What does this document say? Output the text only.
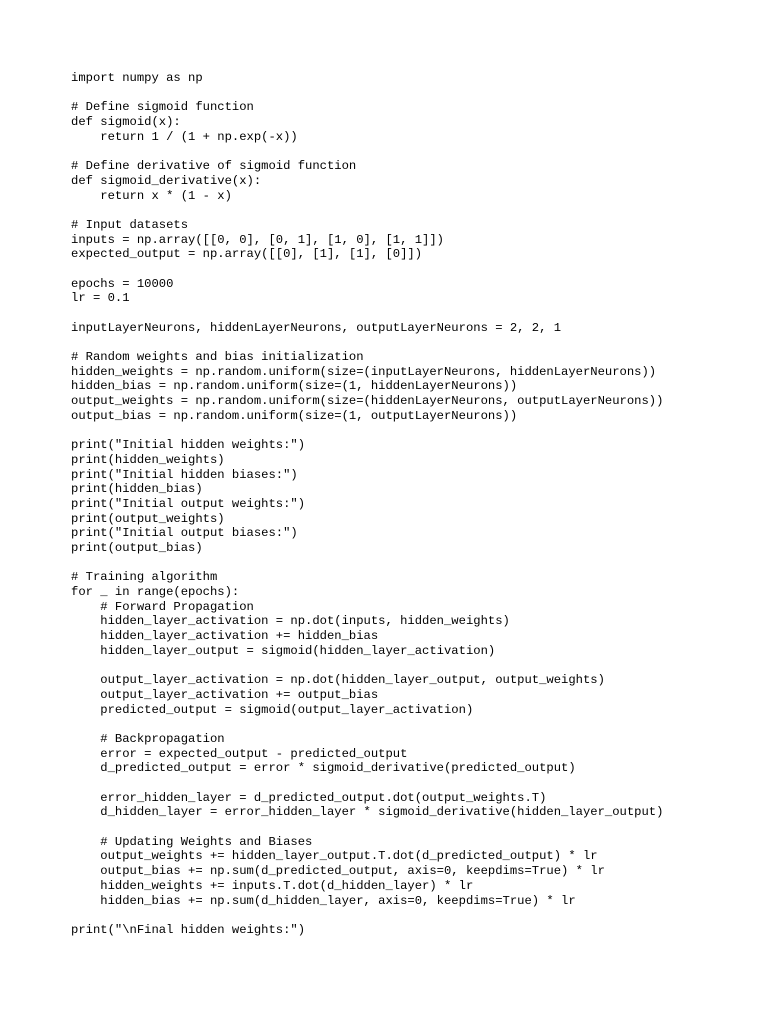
import numpy as np
# Define sigmoid function
def sigmoid(x):
return 1 / (1 + np.exp(-x))
# Define derivative of sigmoid function
def sigmoid_derivative(x):
return x * (1 - x)
# Input datasets
inputs = np.array([[0, 0], [0, 1], [1, 0], [1, 1]])
expected_output = np.array([[0], [1], [1], [0]])
epochs = 10000
lr = 0.1
inputLayerNeurons, hiddenLayerNeurons, outputLayerNeurons = 2, 2, 1
# Random weights and bias initialization
hidden_weights = np.random.uniform(size=(inputLayerNeurons, hiddenLayerNeurons))
hidden_bias = np.random.uniform(size=(1, hiddenLayerNeurons))
output_weights = np.random.uniform(size=(hiddenLayerNeurons, outputLayerNeurons))
output_bias = np.random.uniform(size=(1, outputLayerNeurons))
print("Initial hidden weights:")
print(hidden_weights)
print("Initial hidden biases:")
print(hidden_bias)
print("Initial output weights:")
print(output_weights)
print("Initial output biases:")
print(output_bias)
# Training algorithm
for _ in range(epochs):
# Forward Propagation
hidden_layer_activation = np.dot(inputs, hidden_weights)
hidden_layer_activation += hidden_bias
hidden_layer_output = sigmoid(hidden_layer_activation)
output_layer_activation = np.dot(hidden_layer_output, output_weights)
output_layer_activation += output_bias
predicted_output = sigmoid(output_layer_activation)
# Backpropagation
error = expected_output - predicted_output
d_predicted_output = error * sigmoid_derivative(predicted_output)
error_hidden_layer = d_predicted_output.dot(output_weights.T)
d_hidden_layer = error_hidden_layer * sigmoid_derivative(hidden_layer_output)
# Updating Weights and Biases
output_weights += hidden_layer_output.T.dot(d_predicted_output) * lr
output_bias += np.sum(d_predicted_output, axis=0, keepdims=True) * lr
hidden_weights += inputs.T.dot(d_hidden_layer) * lr
hidden_bias += np.sum(d_hidden_layer, axis=0, keepdims=True) * lr
print("\nFinal hidden weights:")
